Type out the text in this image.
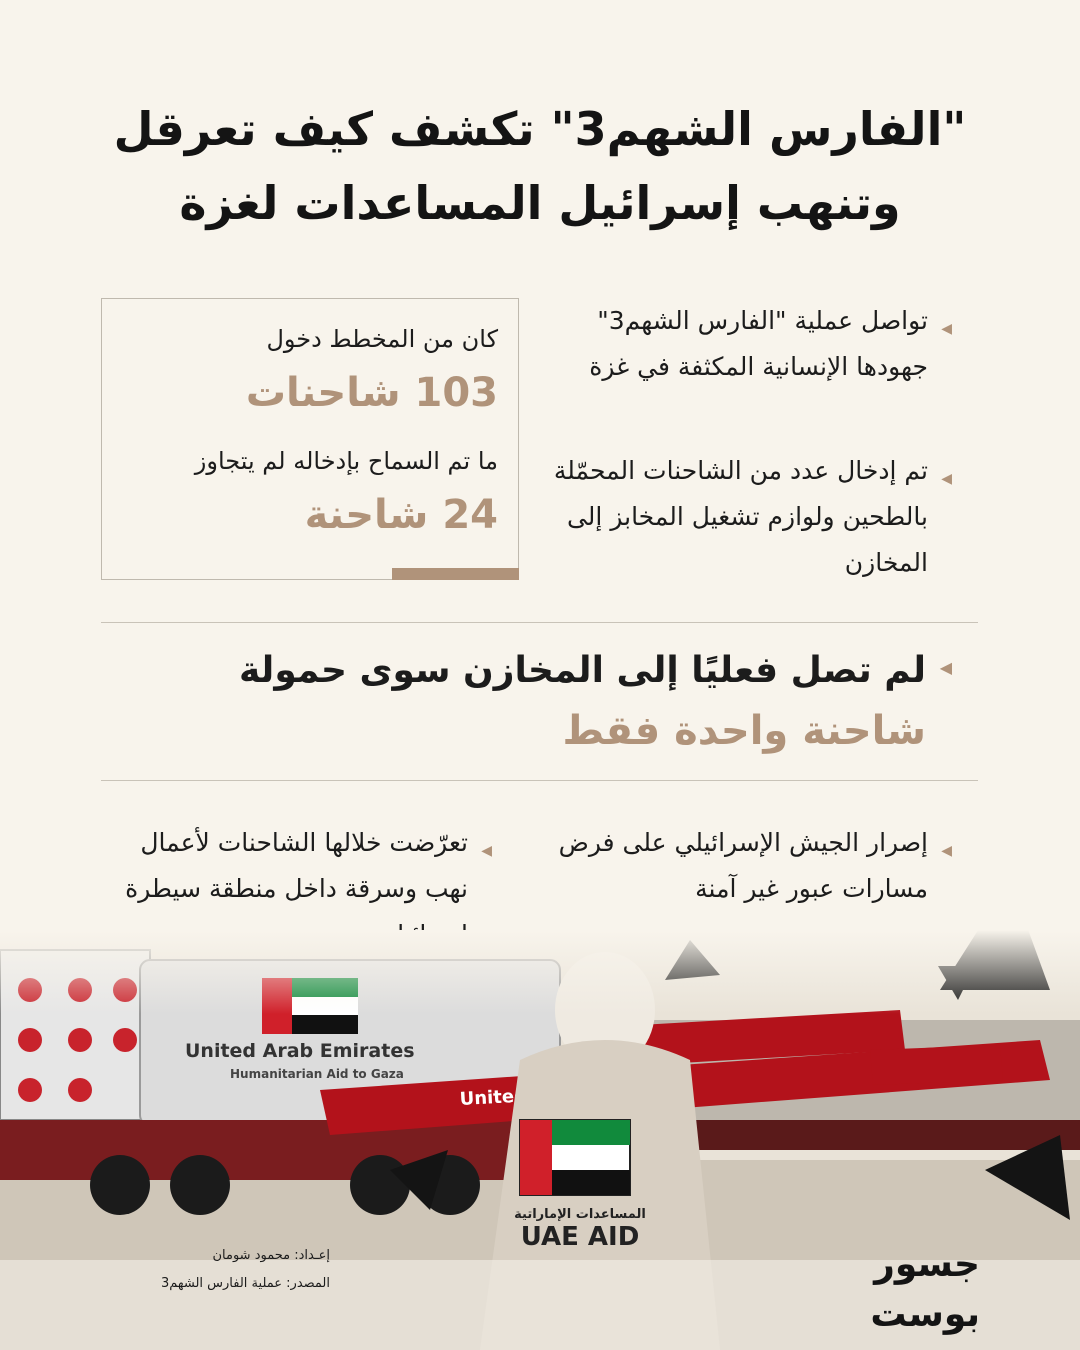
"الفارس الشهم3" تكشف كيف تعرقل
وتنهب إسرائيل المساعدات لغزة
كان من المخطط دخول
103 شاحنات
ما تم السماح بإدخاله لم يتجاوز
24 شاحنة
◀
تواصل عملية "الفارس الشهم3" جهودها الإنسانية المكثفة في غزة
◀
تم إدخال عدد من الشاحنات المحمّلة بالطحين ولوازم تشغيل المخابز إلى المخازن
◀
لم تصل فعليًا إلى المخازن سوى حمولة
شاحنة واحدة فقط
◀
إصرار الجيش الإسرائيلي على فرض مسارات عبور غير آمنة
◀
تعرّضت خلالها الشاحنات لأعمال نهب وسرقة داخل منطقة سيطرة
إعـداد: محمود شومان
المصدر: عملية الفارس الشهم3	جسور بوست
